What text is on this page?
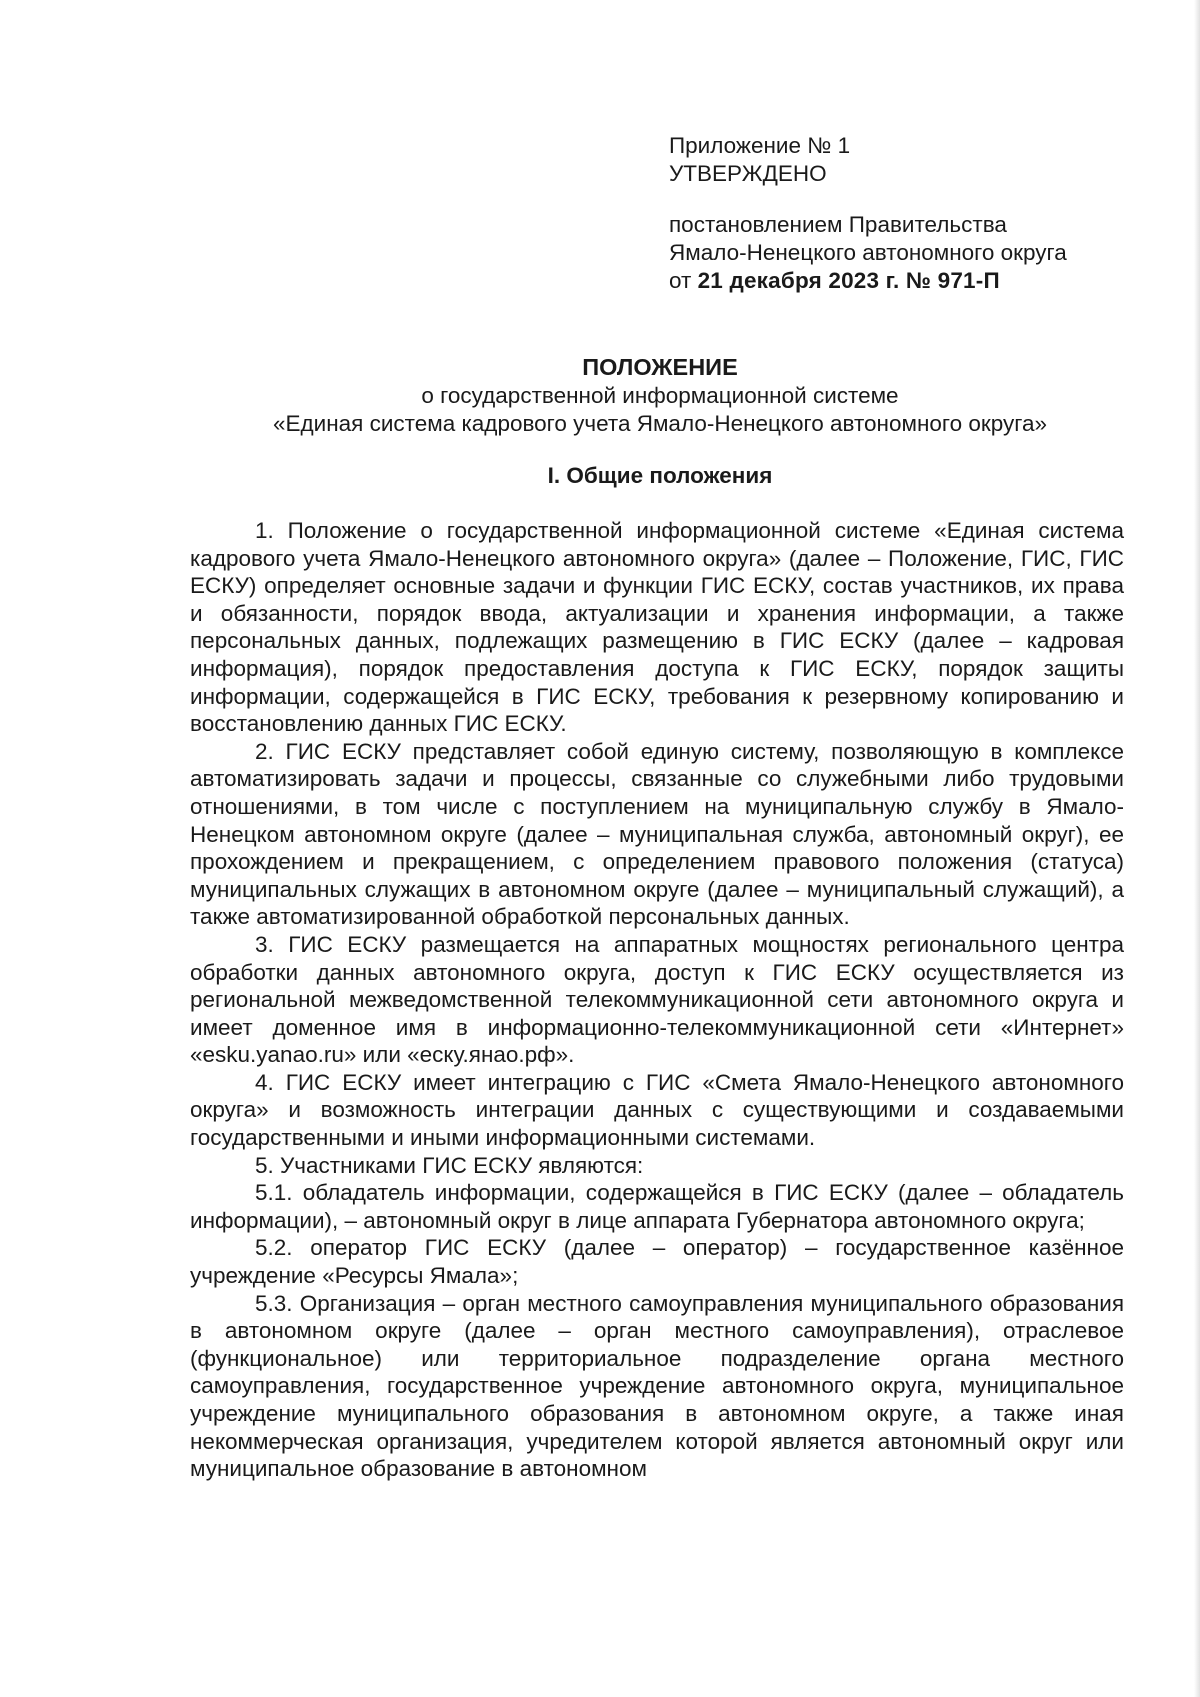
Приложение № 1
УТВЕРЖДЕНО
постановлением Правительства
Ямало-Ненецкого автономного округа
от 21 декабря 2023 г. № 971-П
ПОЛОЖЕНИЕ
о государственной информационной системе
«Единая система кадрового учета Ямало-Ненецкого автономного округа»
I. Общие положения

1. Положение о государственной информационной системе «Единая система кадрового учета Ямало-Ненецкого автономного округа» (далее – Положение, ГИС, ГИС ЕСКУ) определяет основные задачи и функции ГИС ЕСКУ, состав участников, их права и обязанности, порядок ввода, актуализации и хранения информации, а также персональных данных, подлежащих размещению в ГИС ЕСКУ (далее – кадровая информация), порядок предоставления доступа к ГИС ЕСКУ, порядок защиты информации, содержащейся в ГИС ЕСКУ, требования к резервному копированию и восстановлению данных ГИС ЕСКУ.

2. ГИС ЕСКУ представляет собой единую систему, позволяющую в комплексе автоматизировать задачи и процессы, связанные со служебными либо трудовыми отношениями, в том числе с поступлением на муниципальную службу в Ямало-Ненецком автономном округе (далее – муниципальная служба, автономный округ), ее прохождением и прекращением, с определением правового положения (статуса) муниципальных служащих в автономном округе (далее – муниципальный служащий), а также автоматизированной обработкой персональных данных.

3. ГИС ЕСКУ размещается на аппаратных мощностях регионального центра обработки данных автономного округа, доступ к ГИС ЕСКУ осуществляется из региональной межведомственной телекоммуникационной сети автономного округа и имеет доменное имя в информационно-телекоммуникационной сети «Интернет» «esku.yanao.ru» или «еску.янао.рф».

4. ГИС ЕСКУ имеет интеграцию с ГИС «Смета Ямало-Ненецкого автономного округа» и возможность интеграции данных с существующими и создаваемыми государственными и иными информационными системами.

5. Участниками ГИС ЕСКУ являются:

5.1. обладатель информации, содержащейся в ГИС ЕСКУ (далее – обладатель информации), – автономный округ в лице аппарата Губернатора автономного округа;

5.2. оператор ГИС ЕСКУ (далее – оператор) – государственное казённое учреждение «Ресурсы Ямала»;

5.3. Организация – орган местного самоуправления муниципального образования в автономном округе (далее – орган местного самоуправления), отраслевое (функциональное) или территориальное подразделение органа местного самоуправления, государственное учреждение автономного округа, муниципальное учреждение муниципального образования в автономном округе, а также иная некоммерческая организация, учредителем которой является автономный округ или муниципальное образование в автономном
